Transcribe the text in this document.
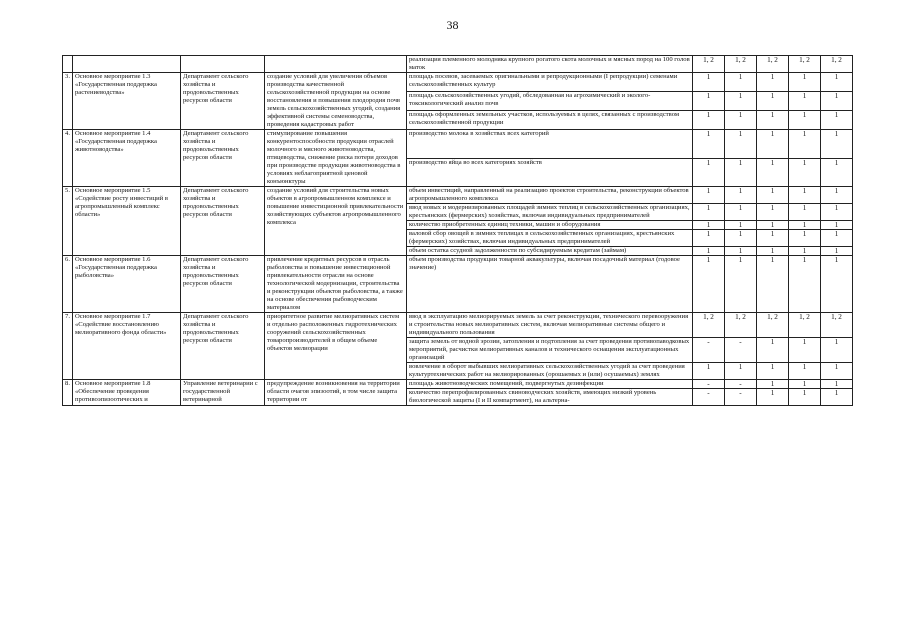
38
				реализация племенного молодняка крупного рогатого скота молочных и мясных пород на 100 голов маток	1, 2	1, 2	1, 2	1, 2	1, 2
3.	Основное мероприятие 1.3 «Государственная поддержка растениеводства»	Департамент сельского хозяйства и продовольственных ресурсов области	создание условий для увеличения объемов производства качественной сельскохозяйственной продукции на основе восстановления и повышения плодородия почв земель сельскохозяйственных угодий, создания эффективной системы семеноводства, проведения кадастровых работ	площадь посевов, засеваемых оригинальными и репродукционными (I репродукции) семенами сельскохозяйственных культур	1	1	1	1	1
				площадь сельскохозяйственных угодий, обследованная на агрохимический и эколого-токсикологический анализ почв	1	1	1	1	1
				площадь оформленных земельных участков, используемых в целях, связанных с производством сельскохозяйственной продукции	1	1	1	1	1
4.	Основное мероприятие 1.4 «Государственная поддержка животноводства»	Департамент сельского хозяйства и продовольственных ресурсов области	стимулирование повышения конкурентоспособности продукции отраслей молочного и мясного животноводства, птицеводства, снижение риска потери доходов при производстве продукции животноводства в условиях неблагоприятной ценовой конъюнктуры	производство молока в хозяйствах всех категорий	1	1	1	1	1
				производство яйца во всех категориях хозяйств	1	1	1	1	1
5.	Основное мероприятие 1.5 «Содействие росту инвестиций в агропромышленный комплекс области»	Департамент сельского хозяйства и продовольственных ресурсов области	создание условий для строительства новых объектов в агропромышленном комплексе и повышение инвестиционной привлекательности хозяйствующих субъектов агропромышленного комплекса	объем инвестиций, направленный на реализацию проектов строительства, реконструкции объектов агропромышленного комплекса	1	1	1	1	1
				ввод новых и модернизированных площадей зимних теплиц в сельскохозяйственных организациях, крестьянских (фермерских) хозяйствах, включая индивидуальных предпринимателей	1	1	1	1	1
				количество приобретенных единиц техники, машин и оборудования	1	1	1	1	1
				валовой сбор овощей в зимних теплицах в сельскохозяйственных организациях, крестьянских (фермерских) хозяйствах, включая индивидуальных предпринимателей	1	1	1	1	1
				объем остатка ссудной задолженности по субсидируемым кредитам (займам)	1	1	1	1	1
6.	Основное мероприятие 1.6 «Государственная поддержка рыболовства»	Департамент сельского хозяйства и продовольственных ресурсов области	привлечение кредитных ресурсов в отрасль рыболовства и повышение инвестиционной привлекательности отрасли на основе технологической модернизации, строительства и реконструкции объектов рыболовства, а также на основе обеспечения рыбоводческим материалом	объем производства продукции товарной аквакультуры, включая посадочный материал (годовое значение)	1	1	1	1	1
7.	Основное мероприятие 1.7 «Содействие восстановлению мелиоративного фонда области»	Департамент сельского хозяйства и продовольственных ресурсов области	приоритетное развитие мелиоративных систем и отдельно расположенных гидротехнических сооружений сельскохозяйственных товаропроизводителей в общем объеме объектов мелиорации	ввод в эксплуатацию мелиорируемых земель за счет реконструкции, технического перевооружения и строительства новых мелиоративных систем, включая мелиоративные системы общего и индивидуального пользования	1, 2	1, 2	1, 2	1, 2	1, 2
				защита земель от водной эрозии, затопления и подтопления за счет проведения противопаводковых мероприятий, расчистки мелиоративных каналов и технического оснащения эксплуатационных организаций	-	-	1	1	1
				вовлечение в оборот выбывших мелиоративных сельскохозяйственных угодий за счет проведения культуртехнических работ на мелиорированных (орошаемых и (или) осушаемых) землях	1	1	1	1	1
8.	Основное мероприятие 1.8 «Обеспечение проведения противоэпизоотических и	Управление ветеринарии с государственной ветеринарной	предупреждение возникновения на территории области очагов эпизоотий, в том числе защита территории от	площадь животноводческих помещений, подвергнутых дезинфекции	-	-	1	1	1
				количество перепрофилированных свиноводческих хозяйств, имеющих низкий уровень биологической защиты (I и II компартмент), на альтерна-	-	-	1	1	1
